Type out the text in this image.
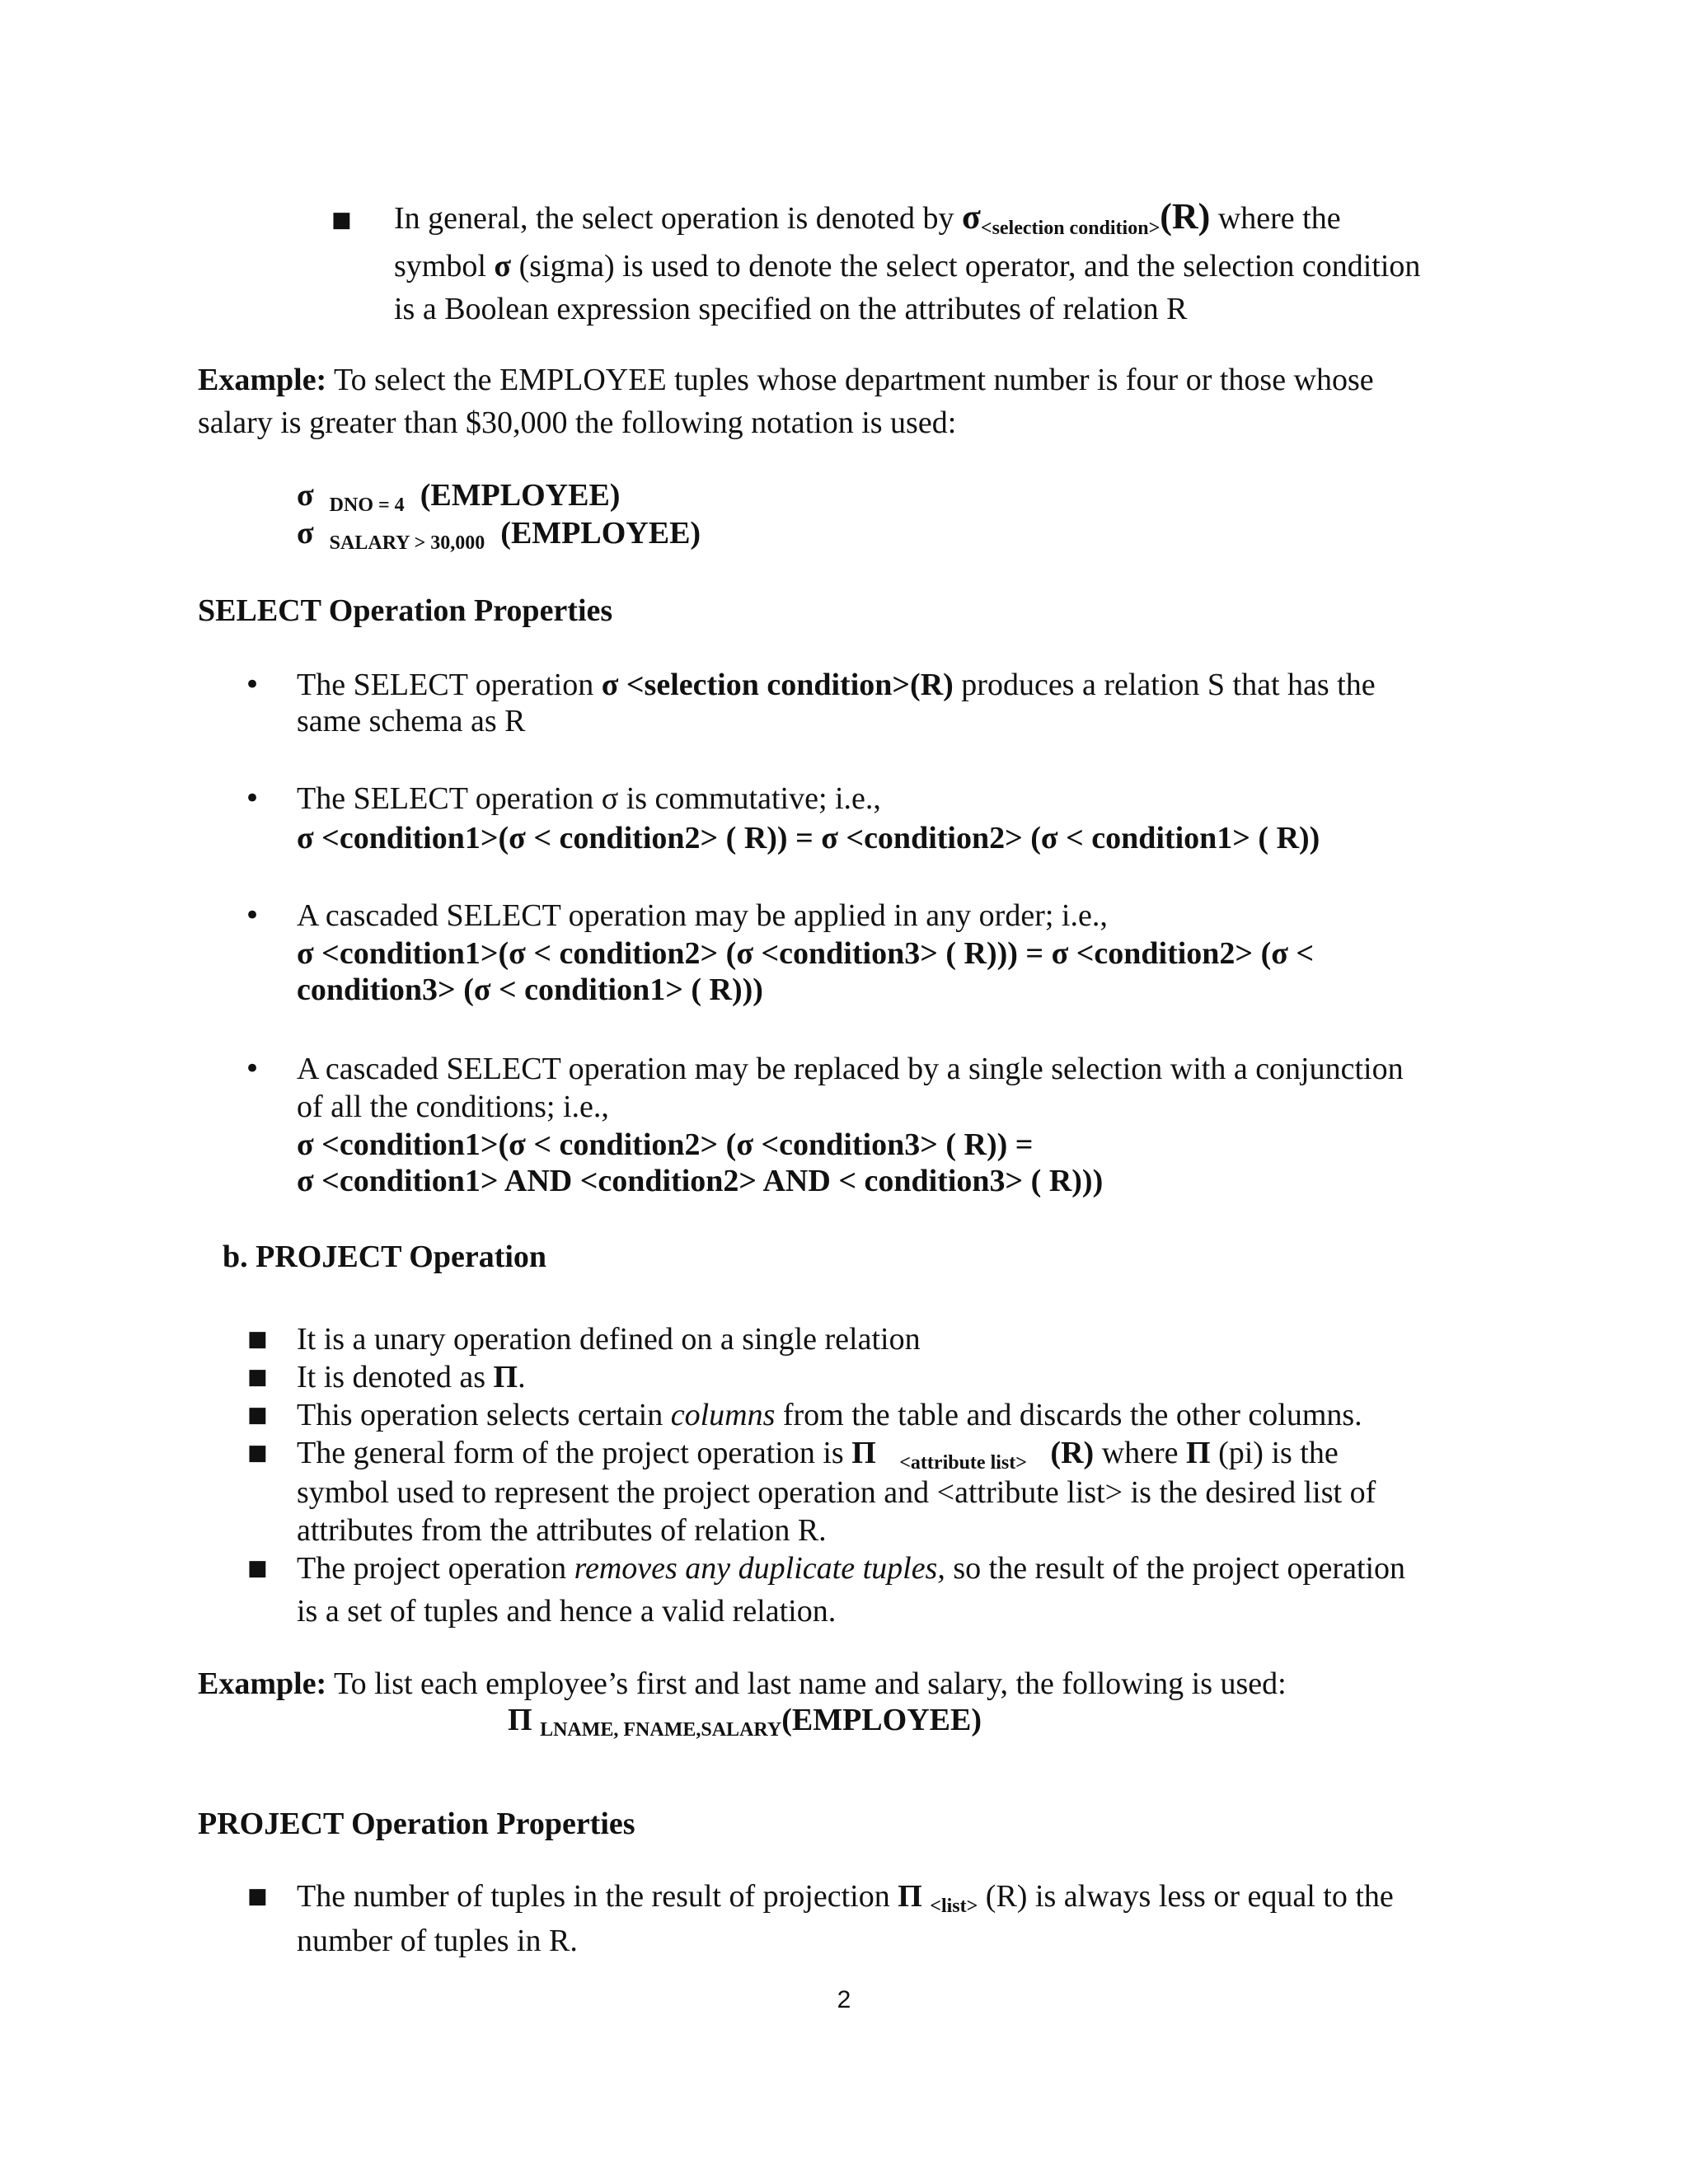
■ In general, the select operation is denoted by σ<selection condition>(R) where the
symbol σ (sigma) is used to denote the select operator, and the selection condition
is a Boolean expression specified on the attributes of relation R
Example: To select the EMPLOYEE tuples whose department number is four or those whose
salary is greater than $30,000 the following notation is used:
σ DNO = 4 (EMPLOYEE)
σ SALARY > 30,000 (EMPLOYEE)
SELECT Operation Properties
• The SELECT operation σ <selection condition>(R) produces a relation S that has the
same schema as R
• The SELECT operation σ is commutative; i.e.,
σ <condition1>(σ < condition2> ( R)) = σ <condition2> (σ < condition1> ( R))
• A cascaded SELECT operation may be applied in any order; i.e.,
σ <condition1>(σ < condition2> (σ <condition3> ( R))) = σ <condition2> (σ <
condition3> (σ < condition1> ( R)))
• A cascaded SELECT operation may be replaced by a single selection with a conjunction
of all the conditions; i.e.,
σ <condition1>(σ < condition2> (σ <condition3> ( R)) =
σ <condition1> AND <condition2> AND < condition3> ( R)))
b. PROJECT Operation
■ It is a unary operation defined on a single relation
■ It is denoted as Π.
■ This operation selects certain columns from the table and discards the other columns.
■ The general form of the project operation is Π <attribute list> (R) where Π (pi) is the
symbol used to represent the project operation and <attribute list> is the desired list of
attributes from the attributes of relation R.
■ The project operation removes any duplicate tuples, so the result of the project operation
is a set of tuples and hence a valid relation.
Example: To list each employee’s first and last name and salary, the following is used:
Π LNAME, FNAME,SALARY(EMPLOYEE)
PROJECT Operation Properties
■ The number of tuples in the result of projection Π <list> (R) is always less or equal to the
number of tuples in R.
2
